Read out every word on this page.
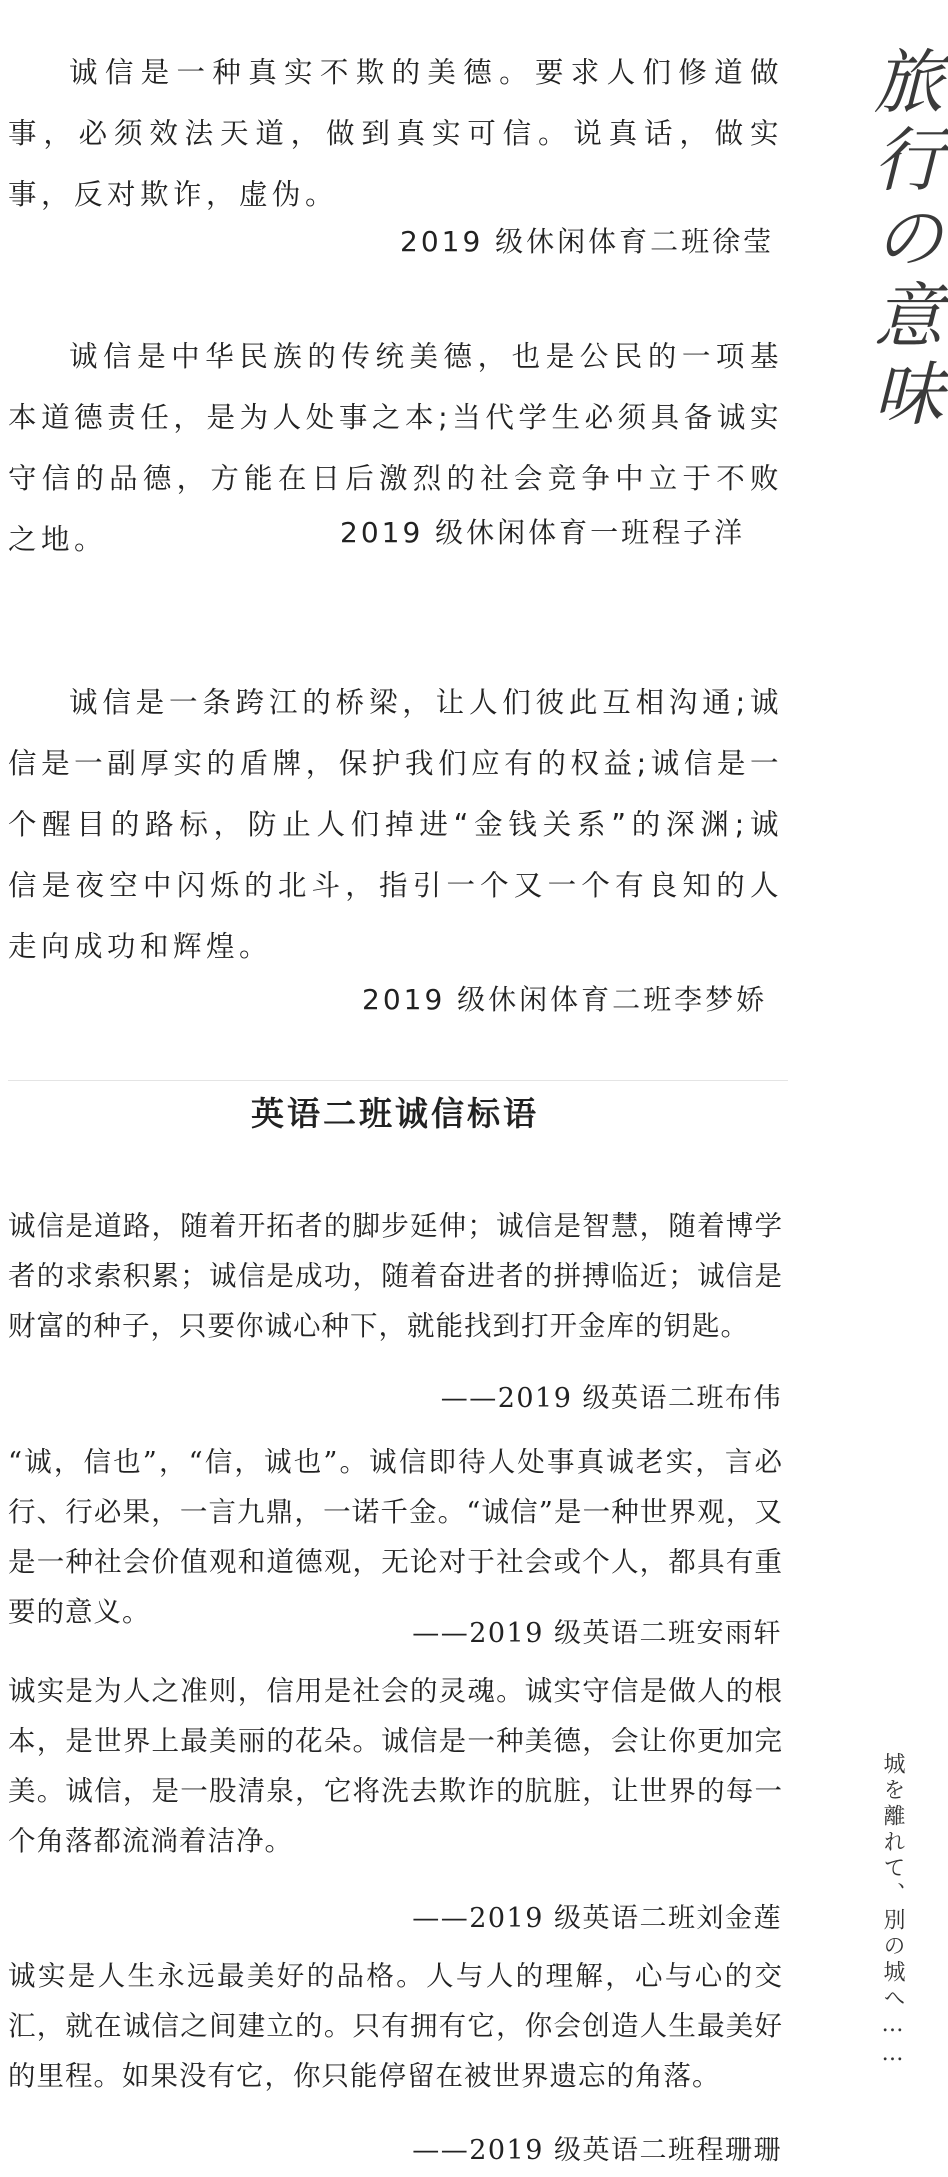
旅行の意味

诚信是一种真实不欺的美德。要求人们修道做事，必须效法天道，做到真实可信。说真话，做实事，反对欺诈，虚伪。

2019 级休闲体育二班徐莹

诚信是中华民族的传统美德，也是公民的一项基本道德责任，是为人处事之本;当代学生必须具备诚实守信的品德，方能在日后激烈的社会竞争中立于不败之地。	2019 级休闲体育一班程子洋

诚信是一条跨江的桥梁，让人们彼此互相沟通;诚信是一副厚实的盾牌，保护我们应有的权益;诚信是一个醒目的路标，防止人们掉进“金钱关系”的深渊;诚信是夜空中闪烁的北斗，指引一个又一个有良知的人走向成功和辉煌。

2019 级休闲体育二班李梦娇

英语二班诚信标语

诚信是道路，随着开拓者的脚步延伸；诚信是智慧，随着博学者的求索积累；诚信是成功，随着奋进者的拼搏临近；诚信是财富的种子，只要你诚心种下，就能找到打开金库的钥匙。

——2019 级英语二班布伟

“诚，信也”，“信，诚也”。诚信即待人处事真诚老实，言必行、行必果，一言九鼎，一诺千金。“诚信”是一种世界观，又是一种社会价值观和道德观，无论对于社会或个人，都具有重要的意义。

——2019 级英语二班安雨轩

诚实是为人之准则，信用是社会的灵魂。诚实守信是做人的根本，是世界上最美丽的花朵。诚信是一种美德，会让你更加完美。诚信，是一股清泉，它将洗去欺诈的肮脏，让世界的每一个角落都流淌着洁净。

——2019 级英语二班刘金莲

诚实是人生永远最美好的品格。人与人的理解，心与心的交汇，就在诚信之间建立的。只有拥有它，你会创造人生最美好的里程。如果没有它，你只能停留在被世界遗忘的角落。

——2019 级英语二班程珊珊

城を離れて、別の城へ……
